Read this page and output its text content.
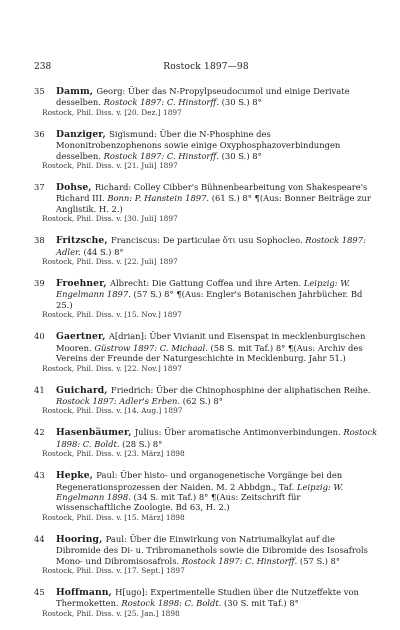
238	Rostock 1897—98
35 Damm, Georg: Über das N-Propylpseudocumol und einige Derivate desselben. Rostock 1897: C. Hinstorff. (30 S.) 8°
Rostock, Phil. Diss. v. [20. Dez.] 1897
36 Danziger, Sigismund: Über die N-Phosphine des Mononitrobenzophenons sowie einige Oxyphosphazoverbindungen desselben. Rostock 1897: C. Hinstorff. (30 S.) 8°
Rostock, Phil. Diss. v. [21. Juli] 1897
37 Dohse, Richard: Colley Cibber's Bühnenbearbeitung von Shakespeare's Richard III. Bonn: P. Hanstein 1897. (61 S.) 8° ¶(Aus: Bonner Beiträge zur Anglistik. H. 2.)
Rostock, Phil. Diss. v. [30. Juli] 1897
38 Fritzsche, Franciscus: De particulae ὅτι usu Sophocleo. Rostock 1897: Adler. (44 S.) 8°
Rostock, Phil. Diss. v. [22. Juli] 1897
39 Froehner, Albrecht: Die Gattung Coffea und ihre Arten. Leipzig: W. Engelmann 1897. (57 S.) 8° ¶(Aus: Engler's Botanischen Jahrbücher. Bd 25.)
Rostock, Phil. Diss. v. [15. Nov.] 1897
40 Gaertner, A[drian]: Über Vivianit und Eisenspat in mecklenburgischen Mooren. Güstrow 1897: C. Michaal. (58 S. mit Taf.) 8° ¶(Aus: Archiv des Vereins der Freunde der Naturgeschichte in Mecklenburg. Jahr 51.)
Rostock, Phil. Diss. v. [22. Nov.] 1897
41 Guichard, Friedrich: Über die Chinophosphine der aliphatischen Reihe. Rostock 1897: Adler's Erben. (62 S.) 8°
Rostock, Phil. Diss. v. [14. Aug.] 1897
42 Hasenbäumer, Julius: Über aromatische Antimonverbindungen. Rostock 1898: C. Boldt. (28 S.) 8°
Rostock, Phil. Diss. v. [23. März] 1898
43 Hepke, Paul: Über histo- und organogenetische Vorgänge bei den Regenerationsprozessen der Naiden. M. 2 Abbdgn., Taf. Leipzig: W. Engelmann 1898. (34 S. mit Taf.) 8° ¶(Aus: Zeitschrift für wissenschaftliche Zoologie. Bd 63, H. 2.)
Rostock, Phil. Diss. v. [15. März] 1898
44 Hooring, Paul: Über die Einwirkung von Natriumalkylat auf die Dibromide des Di- u. Tribromanethols sowie die Dibromide des Isosafrols Mono- und Dibromisosafrols. Rostock 1897: C. Hinstorff. (57 S.) 8°
Rostock, Phil. Diss. v. [17. Sept.] 1897
45 Hoffmann, H[ugo]: Experimentelle Studien über die Nutzeffekte von Thermoketten. Rostock 1898: C. Boldt. (30 S. mit Taf.) 8°
Rostock, Phil. Diss. v. [25. Jan.] 1898
